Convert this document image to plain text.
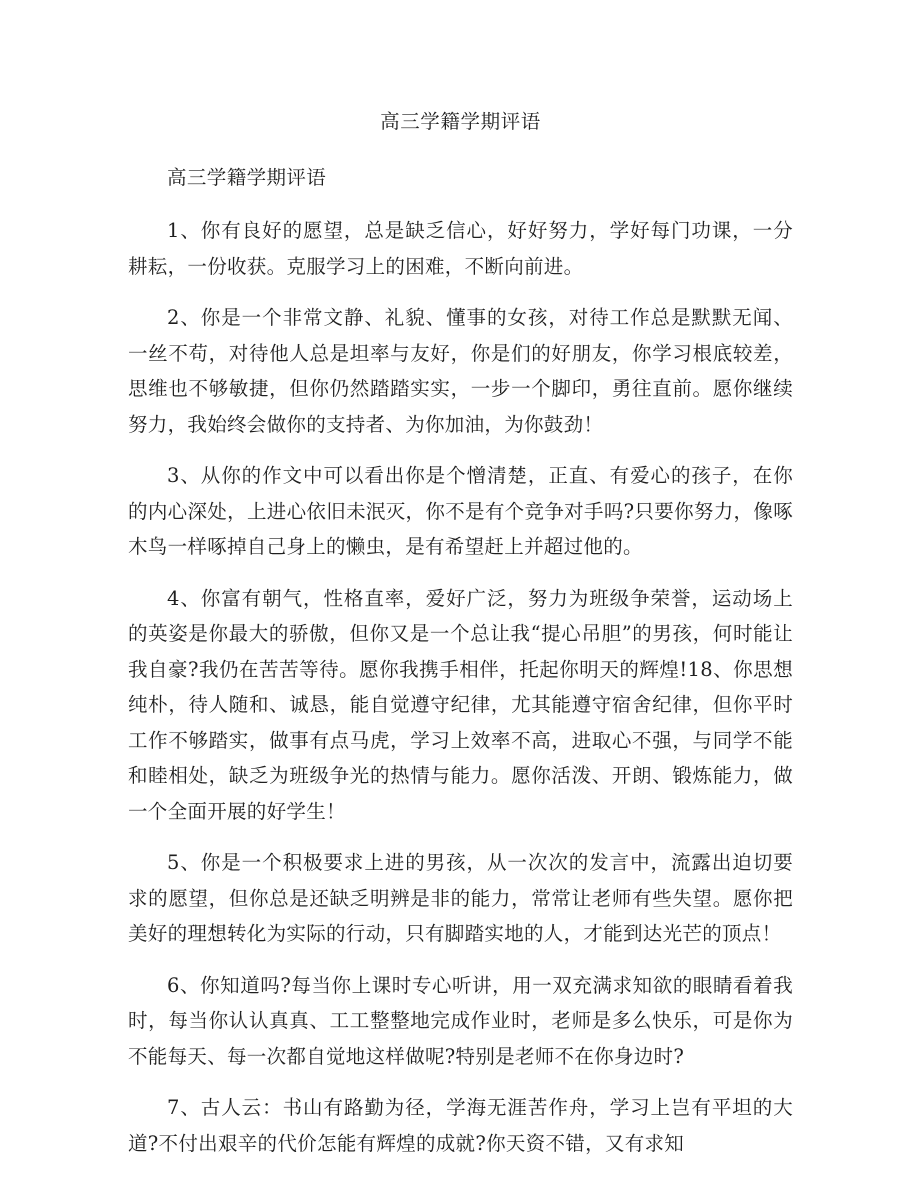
高三学籍学期评语

高三学籍学期评语

1、你有良好的愿望，总是缺乏信心，好好努力，学好每门功课，一分耕耘，一份收获。克服学习上的困难，不断向前进。

2、你是一个非常文静、礼貌、懂事的女孩，对待工作总是默默无闻、一丝不苟，对待他人总是坦率与友好，你是们的好朋友，你学习根底较差，思维也不够敏捷，但你仍然踏踏实实，一步一个脚印，勇往直前。愿你继续努力，我始终会做你的支持者、为你加油，为你鼓劲！

3、从你的作文中可以看出你是个憎清楚，正直、有爱心的孩子，在你的内心深处，上进心依旧未泯灭，你不是有个竞争对手吗?只要你努力，像啄木鸟一样啄掉自己身上的懒虫，是有希望赶上并超过他的。

4、你富有朝气，性格直率，爱好广泛，努力为班级争荣誉，运动场上的英姿是你最大的骄傲，但你又是一个总让我“提心吊胆”的男孩，何时能让我自豪?我仍在苦苦等待。愿你我携手相伴，托起你明天的辉煌!18、你思想纯朴，待人随和、诚恳，能自觉遵守纪律，尤其能遵守宿舍纪律，但你平时工作不够踏实，做事有点马虎，学习上效率不高，进取心不强，与同学不能和睦相处，缺乏为班级争光的热情与能力。愿你活泼、开朗、锻炼能力，做一个全面开展的好学生！

5、你是一个积极要求上进的男孩，从一次次的发言中，流露出迫切要求的愿望，但你总是还缺乏明辨是非的能力，常常让老师有些失望。愿你把美好的理想转化为实际的行动，只有脚踏实地的人，才能到达光芒的顶点！

6、你知道吗?每当你上课时专心听讲，用一双充满求知欲的眼睛看着我时，每当你认认真真、工工整整地完成作业时，老师是多么快乐，可是你为不能每天、每一次都自觉地这样做呢?特别是老师不在你身边时?

7、古人云：书山有路勤为径，学海无涯苦作舟，学习上岂有平坦的大道?不付出艰辛的代价怎能有辉煌的成就?你天资不错，又有求知
